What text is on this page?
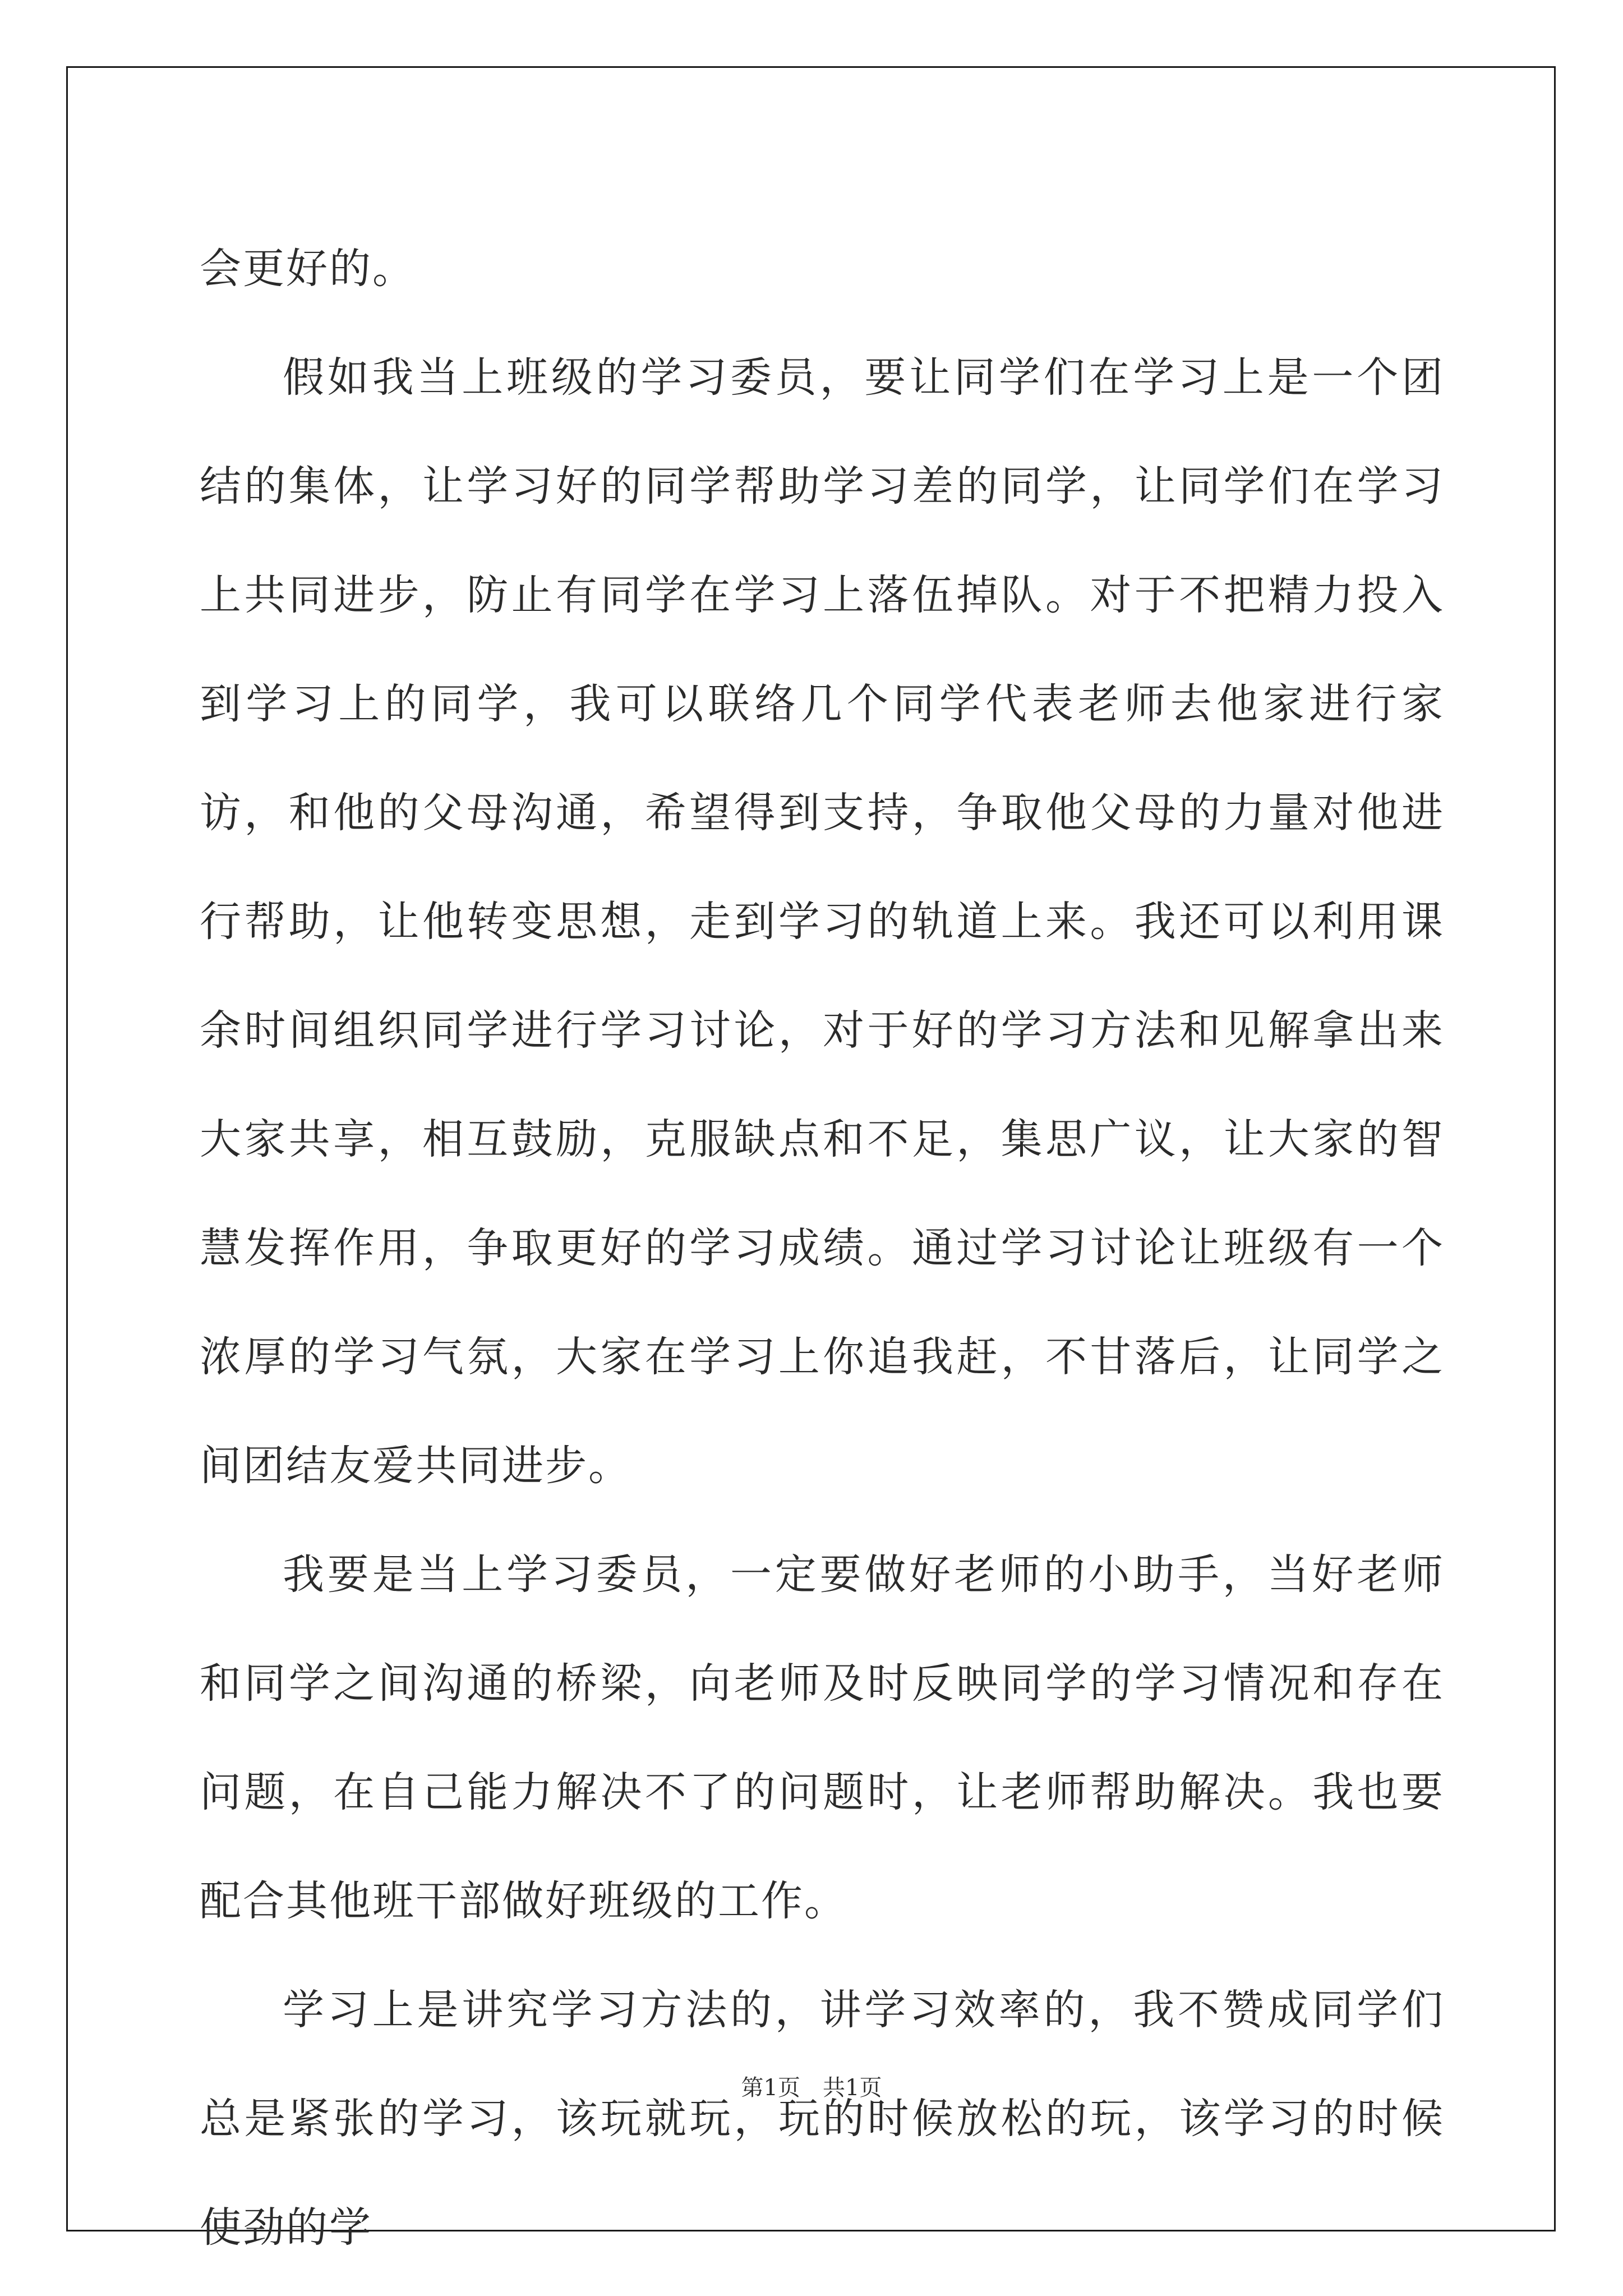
会更好的。

假如我当上班级的学习委员，要让同学们在学习上是一个团结的集体，让学习好的同学帮助学习差的同学，让同学们在学习上共同进步，防止有同学在学习上落伍掉队。对于不把精力投入到学习上的同学，我可以联络几个同学代表老师去他家进行家访，和他的父母沟通，希望得到支持，争取他父母的力量对他进行帮助，让他转变思想，走到学习的轨道上来。我还可以利用课余时间组织同学进行学习讨论，对于好的学习方法和见解拿出来大家共享，相互鼓励，克服缺点和不足，集思广议，让大家的智慧发挥作用，争取更好的学习成绩。通过学习讨论让班级有一个浓厚的学习气氛，大家在学习上你追我赶，不甘落后，让同学之间团结友爱共同进步。

我要是当上学习委员，一定要做好老师的小助手，当好老师和同学之间沟通的桥梁，向老师及时反映同学的学习情况和存在问题，在自己能力解决不了的问题时，让老师帮助解决。我也要配合其他班干部做好班级的工作。

学习上是讲究学习方法的，讲学习效率的，我不赞成同学们总是紧张的学习，该玩就玩，玩的时候放松的玩，该学习的时候使劲的学

第1页　共1页
